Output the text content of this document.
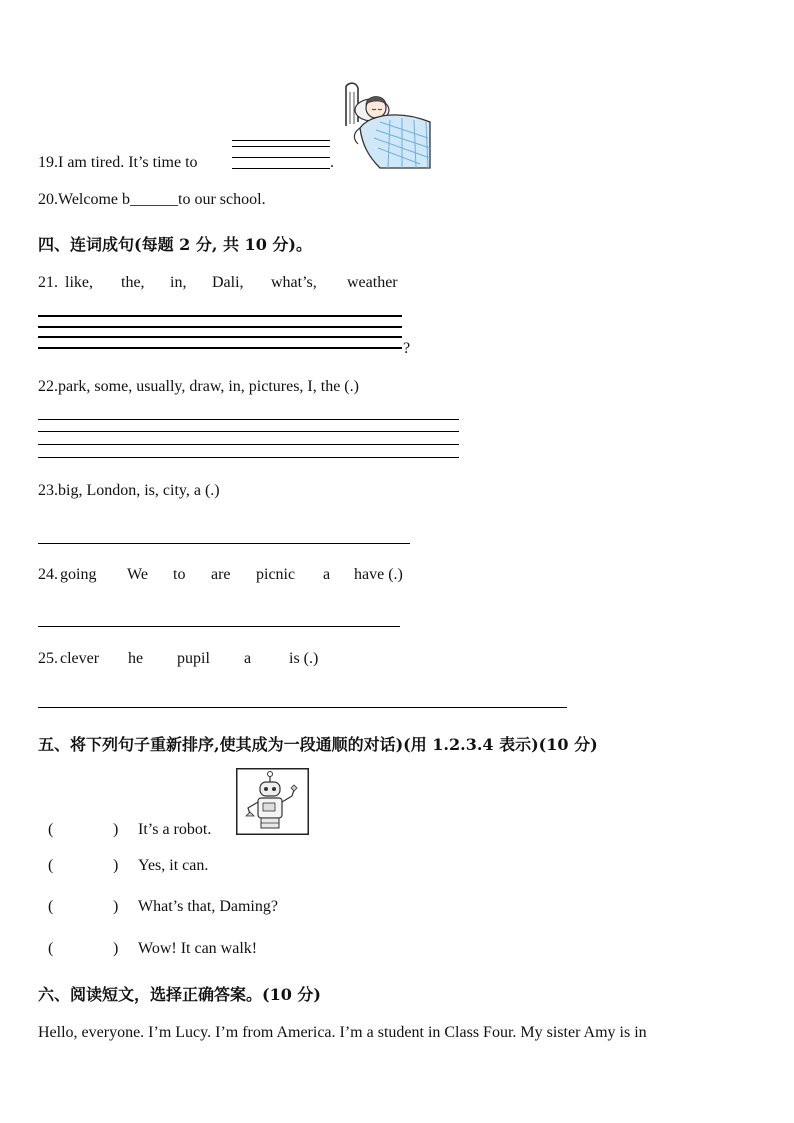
19.I am tired. It’s time to	.
20.Welcome b______to our school.
四、连词成句(每题 2 分, 共 10 分)。
21. like, the, in, Dali, what’s, weather
?
22.park, some, usually, draw, in, pictures, I, the (.)
23.big, London, is, city, a (.)
24. going We to are picnic a have (.)
25. clever he pupil a is (.)
五、将下列句子重新排序,使其成为一段通顺的对话)(用 1.2.3.4 表示)(10 分)
(	) It’s a robot.
(	) Yes, it can.
(	) What’s that, Daming?
(	) Wow! It can walk!
六、阅读短文，选择正确答案。(10 分)
Hello, everyone. I’m Lucy. I’m from America. I’m a student in Class Four. My sister Amy is in
